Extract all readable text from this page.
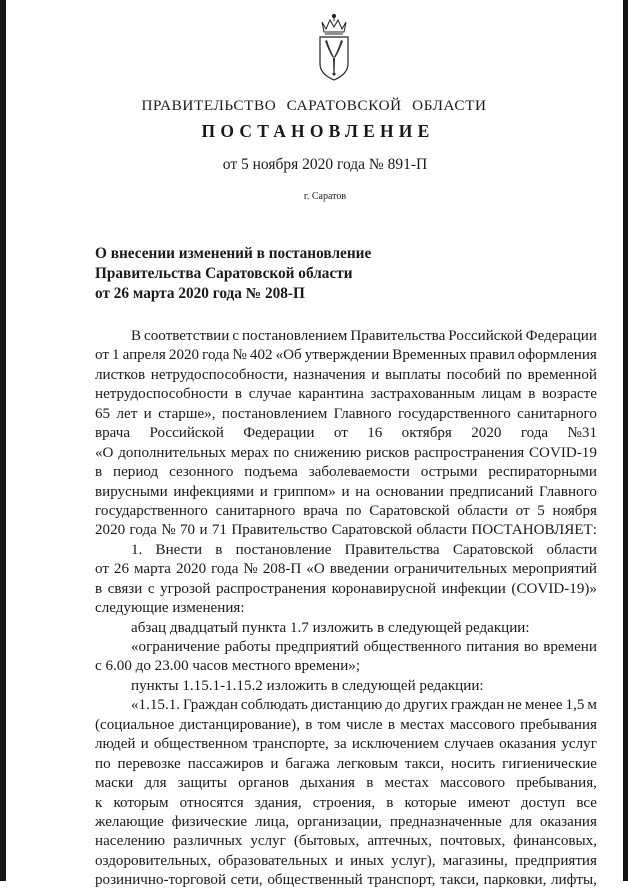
ПРАВИТЕЛЬСТВО САРАТОВСКОЙ ОБЛАСТИ
ПОСТАНОВЛЕНИЕ
от 5 ноября 2020 года № 891-П
г. Саратов
О внесении изменений в постановление
Правительства Саратовской области
от 26 марта 2020 года № 208-П
В соответствии с постановлением Правительства Российской Федерации
от 1 апреля 2020 года № 402 «Об утверждении Временных правил оформления
листков нетрудоспособности, назначения и выплаты пособий по временной
нетрудоспособности в случае карантина застрахованным лицам в возрасте
65 лет и старше», постановлением Главного государственного санитарного
врача Российской Федерации от 16 октября 2020 года №31
«О дополнительных мерах по снижению рисков распространения COVID-19
в период сезонного подъема заболеваемости острыми респираторными
вирусными инфекциями и гриппом» и на основании предписаний Главного
государственного санитарного врача по Саратовской области от 5 ноября
2020 года № 70 и 71 Правительство Саратовской области ПОСТАНОВЛЯЕТ:
1. Внести в постановление Правительства Саратовской области
от 26 марта 2020 года № 208-П «О введении ограничительных мероприятий
в связи с угрозой распространения коронавирусной инфекции (COVID-19)»
следующие изменения:
абзац двадцатый пункта 1.7 изложить в следующей редакции:
«ограничение работы предприятий общественного питания во времени
с 6.00 до 23.00 часов местного времени»;
пункты 1.15.1-1.15.2 изложить в следующей редакции:
«1.15.1. Граждан соблюдать дистанцию до других граждан не менее 1,5 м
(социальное дистанцирование), в том числе в местах массового пребывания
людей и общественном транспорте, за исключением случаев оказания услуг
по перевозке пассажиров и багажа легковым такси, носить гигиенические
маски для защиты органов дыхания в местах массового пребывания,
к которым относятся здания, строения, в которые имеют доступ все
желающие физические лица, организации, предназначенные для оказания
населению различных услуг (бытовых, аптечных, почтовых, финансовых,
оздоровительных, образовательных и иных услуг), магазины, предприятия
розинично-торговой сети, общественный транспорт, такси, парковки, лифты,
